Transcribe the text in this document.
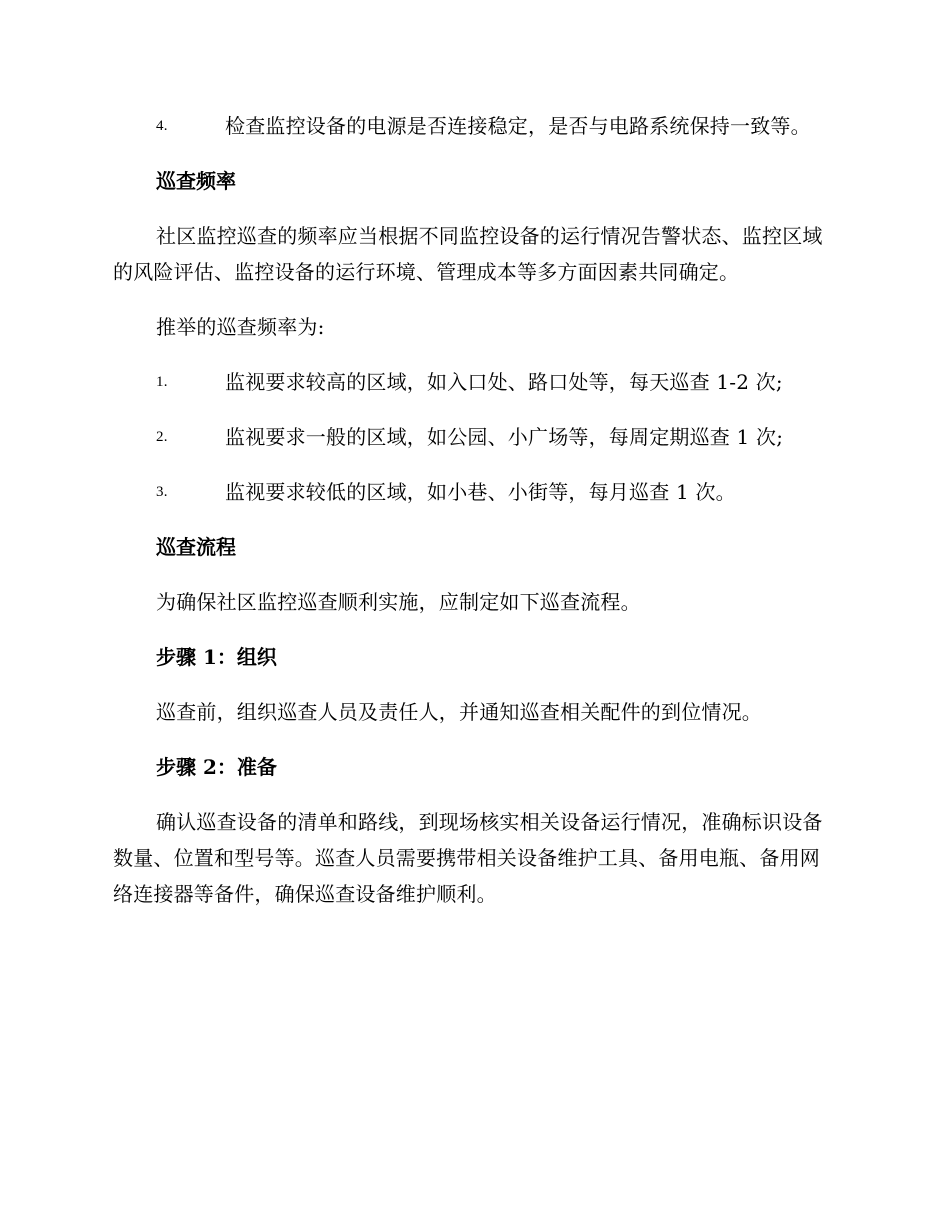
4.	检查监控设备的电源是否连接稳定，是否与电路系统保持一致等。
巡查频率
社区监控巡查的频率应当根据不同监控设备的运行情况告警状态、监控区域的风险评估、监控设备的运行环境、管理成本等多方面因素共同确定。
推举的巡查频率为:
1.	监视要求较高的区域，如入口处、路口处等，每天巡查 1-2 次;
2.	监视要求一般的区域，如公园、小广场等，每周定期巡查 1 次;
3.	监视要求较低的区域，如小巷、小街等，每月巡查 1 次。
巡查流程
为确保社区监控巡查顺利实施，应制定如下巡查流程。
步骤 1：组织
巡查前，组织巡查人员及责任人，并通知巡查相关配件的到位情况。
步骤 2：准备
确认巡查设备的清单和路线，到现场核实相关设备运行情况，准确标识设备数量、位置和型号等。巡查人员需要携带相关设备维护工具、备用电瓶、备用网络连接器等备件，确保巡查设备维护顺利。
